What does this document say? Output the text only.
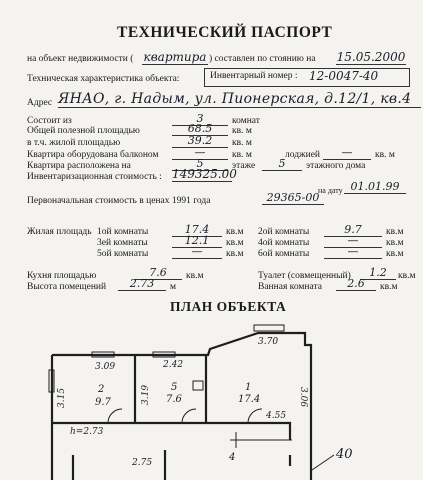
ТЕХНИЧЕСКИЙ ПАСПОРТ
на объект недвижимости ( квартира ) составлен по стоянию на 15.05.2000
Техническая характеристика объекта:	Инвентарный номер : 12-0047-40
Адрес ЯНАО, г. Надым, ул. Пионерская, д.12/1, кв.4
Состоит из	3	комнат
Общей полезной площадью	68.5	кв. м
в т.ч. жилой площадью	39.2	кв. м
Квартира оборудована балконом	—	кв. м	лоджией	—	кв. м
Квартира расположена на	5	этаже	5	этажного дома
Инвентаризационная стоимость : 149325.00
на дату 01.01.99
Первоначальная стоимость в ценах 1991 года	29365-00
Жилая площадь 1ой комнаты	17.4	кв.м 2ой комнаты	9.7	кв.м
3ей комнаты	12.1	кв.м 4ой комнаты	—	кв.м
5ой комнаты	—	кв.м 6ой комнаты	—	кв.м
Кухня площадью	7.6	кв.м	Туалет (совмещенный)	1.2	кв.м
Высота помещений	2.73	м	Ванная комната	2.6	кв.м
ПЛАН ОБЪЕКТА
3.70
3.09	2.42
3.15	3.19	3.06
4.55
2.75
h=2.73
2
9.7
5
7.6
1
17.4
4	40
